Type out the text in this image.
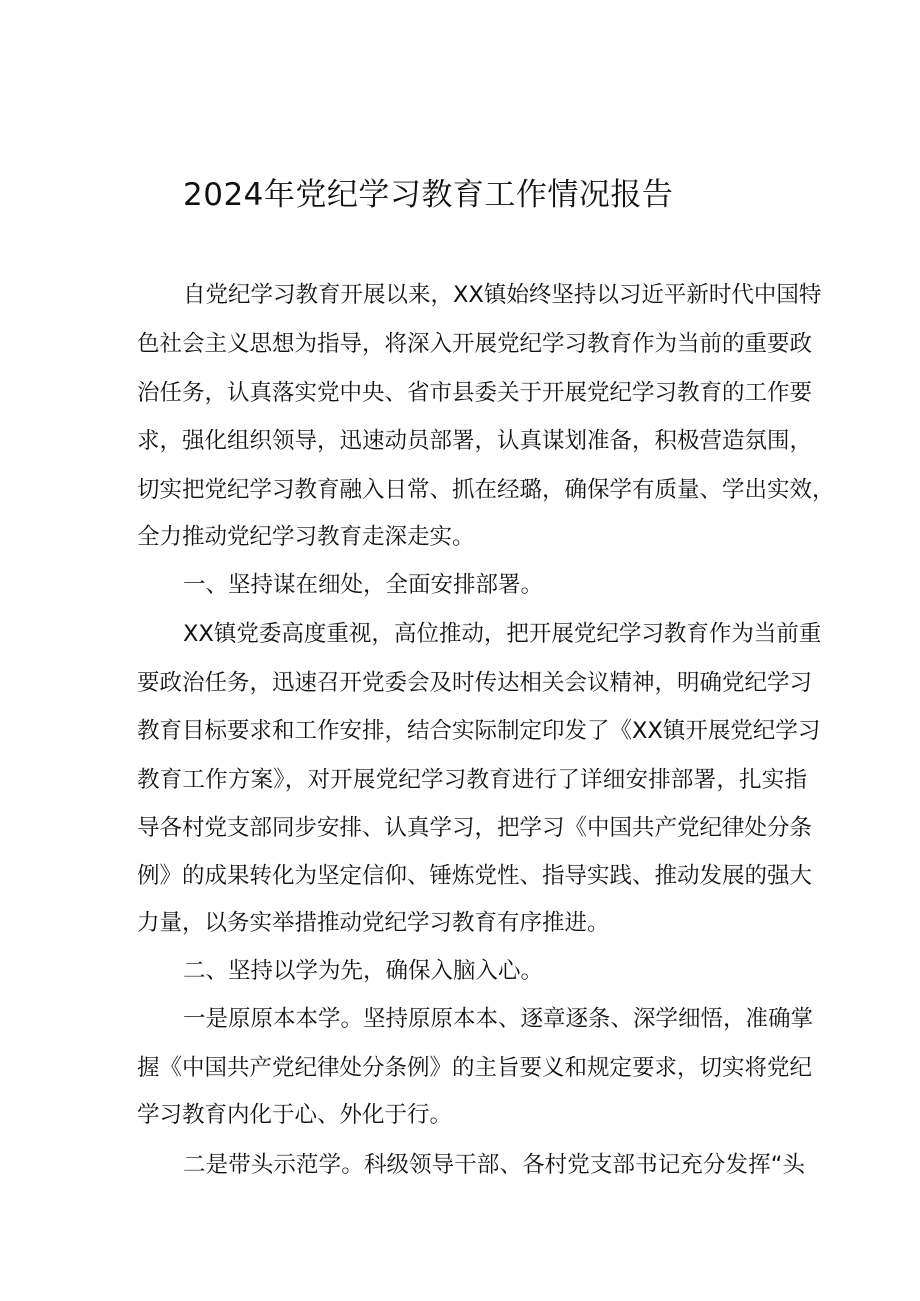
2024年党纪学习教育工作情况报告
自党纪学习教育开展以来，XX镇始终坚持以习近平新时代中国特
色社会主义思想为指导，将深入开展党纪学习教育作为当前的重要政
治任务，认真落实党中央、省市县委关于开展党纪学习教育的工作要
求，强化组织领导，迅速动员部署，认真谋划准备，积极营造氛围，
切实把党纪学习教育融入日常、抓在经璐，确保学有质量、学出实效，
全力推动党纪学习教育走深走实。
一、坚持谋在细处，全面安排部署。
XX镇党委高度重视，高位推动，把开展党纪学习教育作为当前重
要政治任务，迅速召开党委会及时传达相关会议精神，明确党纪学习
教育目标要求和工作安排，结合实际制定印发了《XX镇开展党纪学习
教育工作方案》，对开展党纪学习教育进行了详细安排部署，扎实指
导各村党支部同步安排、认真学习，把学习《中国共产党纪律处分条
例》的成果转化为坚定信仰、锤炼党性、指导实践、推动发展的强大
力量，以务实举措推动党纪学习教育有序推进。
二、坚持以学为先，确保入脑入心。
一是原原本本学。坚持原原本本、逐章逐条、深学细悟，准确掌
握《中国共产党纪律处分条例》的主旨要义和规定要求，切实将党纪
学习教育内化于心、外化于行。
二是带头示范学。科级领导干部、各村党支部书记充分发挥“头
